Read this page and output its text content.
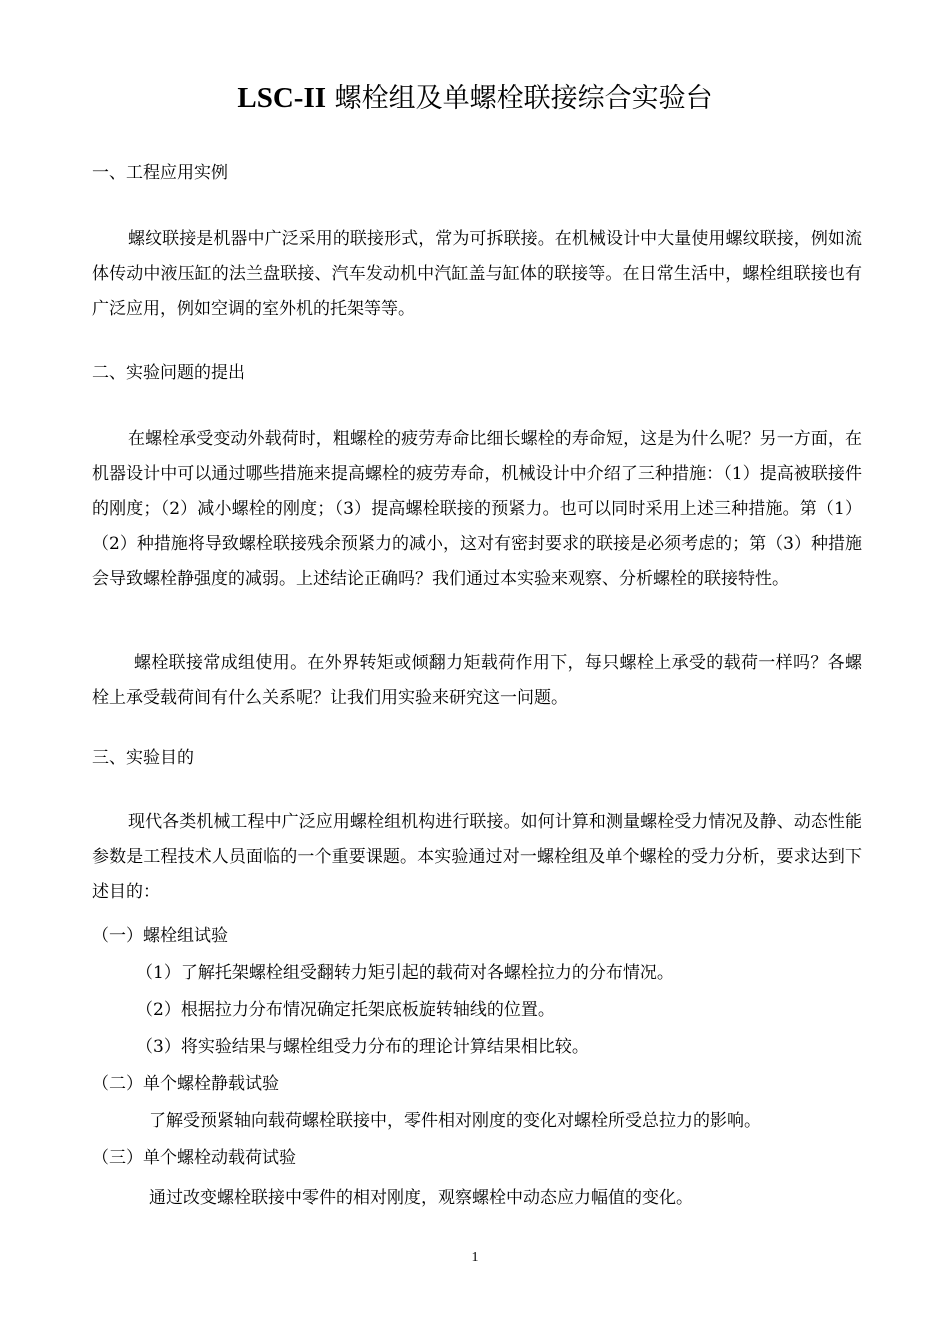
LSC-II 螺栓组及单螺栓联接综合实验台
一、工程应用实例
螺纹联接是机器中广泛采用的联接形式，常为可拆联接。在机械设计中大量使用螺纹联接，例如流体传动中液压缸的法兰盘联接、汽车发动机中汽缸盖与缸体的联接等。在日常生活中，螺栓组联接也有广泛应用，例如空调的室外机的托架等等。
二、实验问题的提出
在螺栓承受变动外载荷时，粗螺栓的疲劳寿命比细长螺栓的寿命短，这是为什么呢？另一方面，在机器设计中可以通过哪些措施来提高螺栓的疲劳寿命，机械设计中介绍了三种措施：（1）提高被联接件的刚度；（2）减小螺栓的刚度；（3）提高螺栓联接的预紧力。也可以同时采用上述三种措施。第（1）（2）种措施将导致螺栓联接残余预紧力的减小，这对有密封要求的联接是必须考虑的；第（3）种措施会导致螺栓静强度的减弱。上述结论正确吗？我们通过本实验来观察、分析螺栓的联接特性。
螺栓联接常成组使用。在外界转矩或倾翻力矩载荷作用下，每只螺栓上承受的载荷一样吗？各螺栓上承受载荷间有什么关系呢？让我们用实验来研究这一问题。
三、实验目的
现代各类机械工程中广泛应用螺栓组机构进行联接。如何计算和测量螺栓受力情况及静、动态性能参数是工程技术人员面临的一个重要课题。本实验通过对一螺栓组及单个螺栓的受力分析，要求达到下述目的：
（一）螺栓组试验
（1）了解托架螺栓组受翻转力矩引起的载荷对各螺栓拉力的分布情况。
（2）根据拉力分布情况确定托架底板旋转轴线的位置。
（3）将实验结果与螺栓组受力分布的理论计算结果相比较。
（二）单个螺栓静载试验
了解受预紧轴向载荷螺栓联接中，零件相对刚度的变化对螺栓所受总拉力的影响。
（三）单个螺栓动载荷试验
通过改变螺栓联接中零件的相对刚度，观察螺栓中动态应力幅值的变化。
1
